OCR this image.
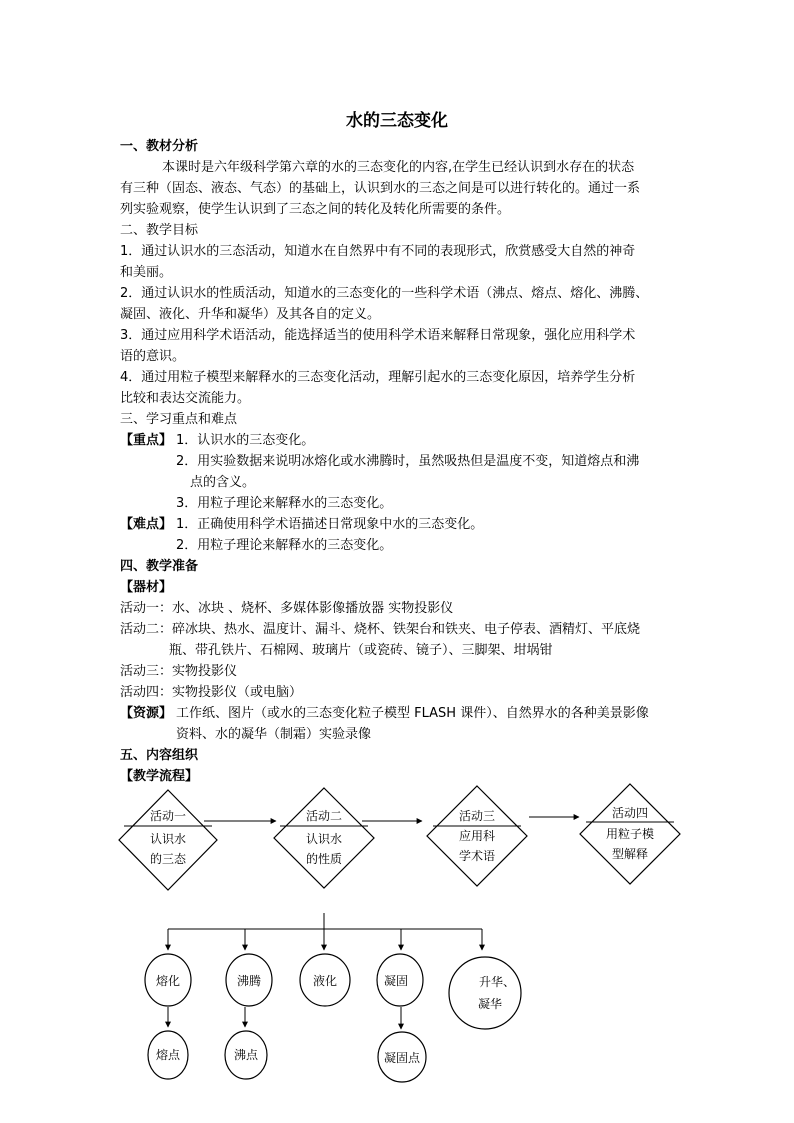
水的三态变化
一、教材分析
本课时是六年级科学第六章的水的三态变化的内容,在学生已经认识到水存在的状态
有三种（固态、液态、气态）的基础上，认识到水的三态之间是可以进行转化的。通过一系
列实验观察，使学生认识到了三态之间的转化及转化所需要的条件。
二、教学目标
1．通过认识水的三态活动，知道水在自然界中有不同的表现形式，欣赏感受大自然的神奇
和美丽。
2．通过认识水的性质活动，知道水的三态变化的一些科学术语（沸点、熔点、熔化、沸腾、
凝固、液化、升华和凝华）及其各自的定义。
3．通过应用科学术语活动，能选择适当的使用科学术语来解释日常现象，强化应用科学术
语的意识。
4．通过用粒子模型来解释水的三态变化活动，理解引起水的三态变化原因，培养学生分析
比较和表达交流能力。
三、学习重点和难点
【重点】 1．认识水的三态变化。
2．用实验数据来说明冰熔化或水沸腾时，虽然吸热但是温度不变，知道熔点和沸
点的含义。
3．用粒子理论来解释水的三态变化。
【难点】 1．正确使用科学术语描述日常现象中水的三态变化。
2．用粒子理论来解释水的三态变化。
四、教学准备
【器材】
活动一：水、冰块 、烧杯、多媒体影像播放器 实物投影仪
活动二：碎冰块、热水、温度计、漏斗、烧杯、铁架台和铁夹、电子停表、酒精灯、平底烧
瓶、带孔铁片、石棉网、玻璃片（或瓷砖、镜子）、三脚架、坩埚钳
活动三：实物投影仪
活动四：实物投影仪（或电脑）
【资源】 工作纸、图片（或水的三态变化粒子模型 FLASH 课件）、自然界水的各种美景影像
资料、水的凝华（制霜）实验录像
五、内容组织
【教学流程】
活动一
认识水
的三态
活动二
认识水
的性质
活动三
应用科
学术语
活动四
用粒子模
型解释
熔化	沸腾	液化	凝固	升华、
凝华
熔点	沸点	凝固点
